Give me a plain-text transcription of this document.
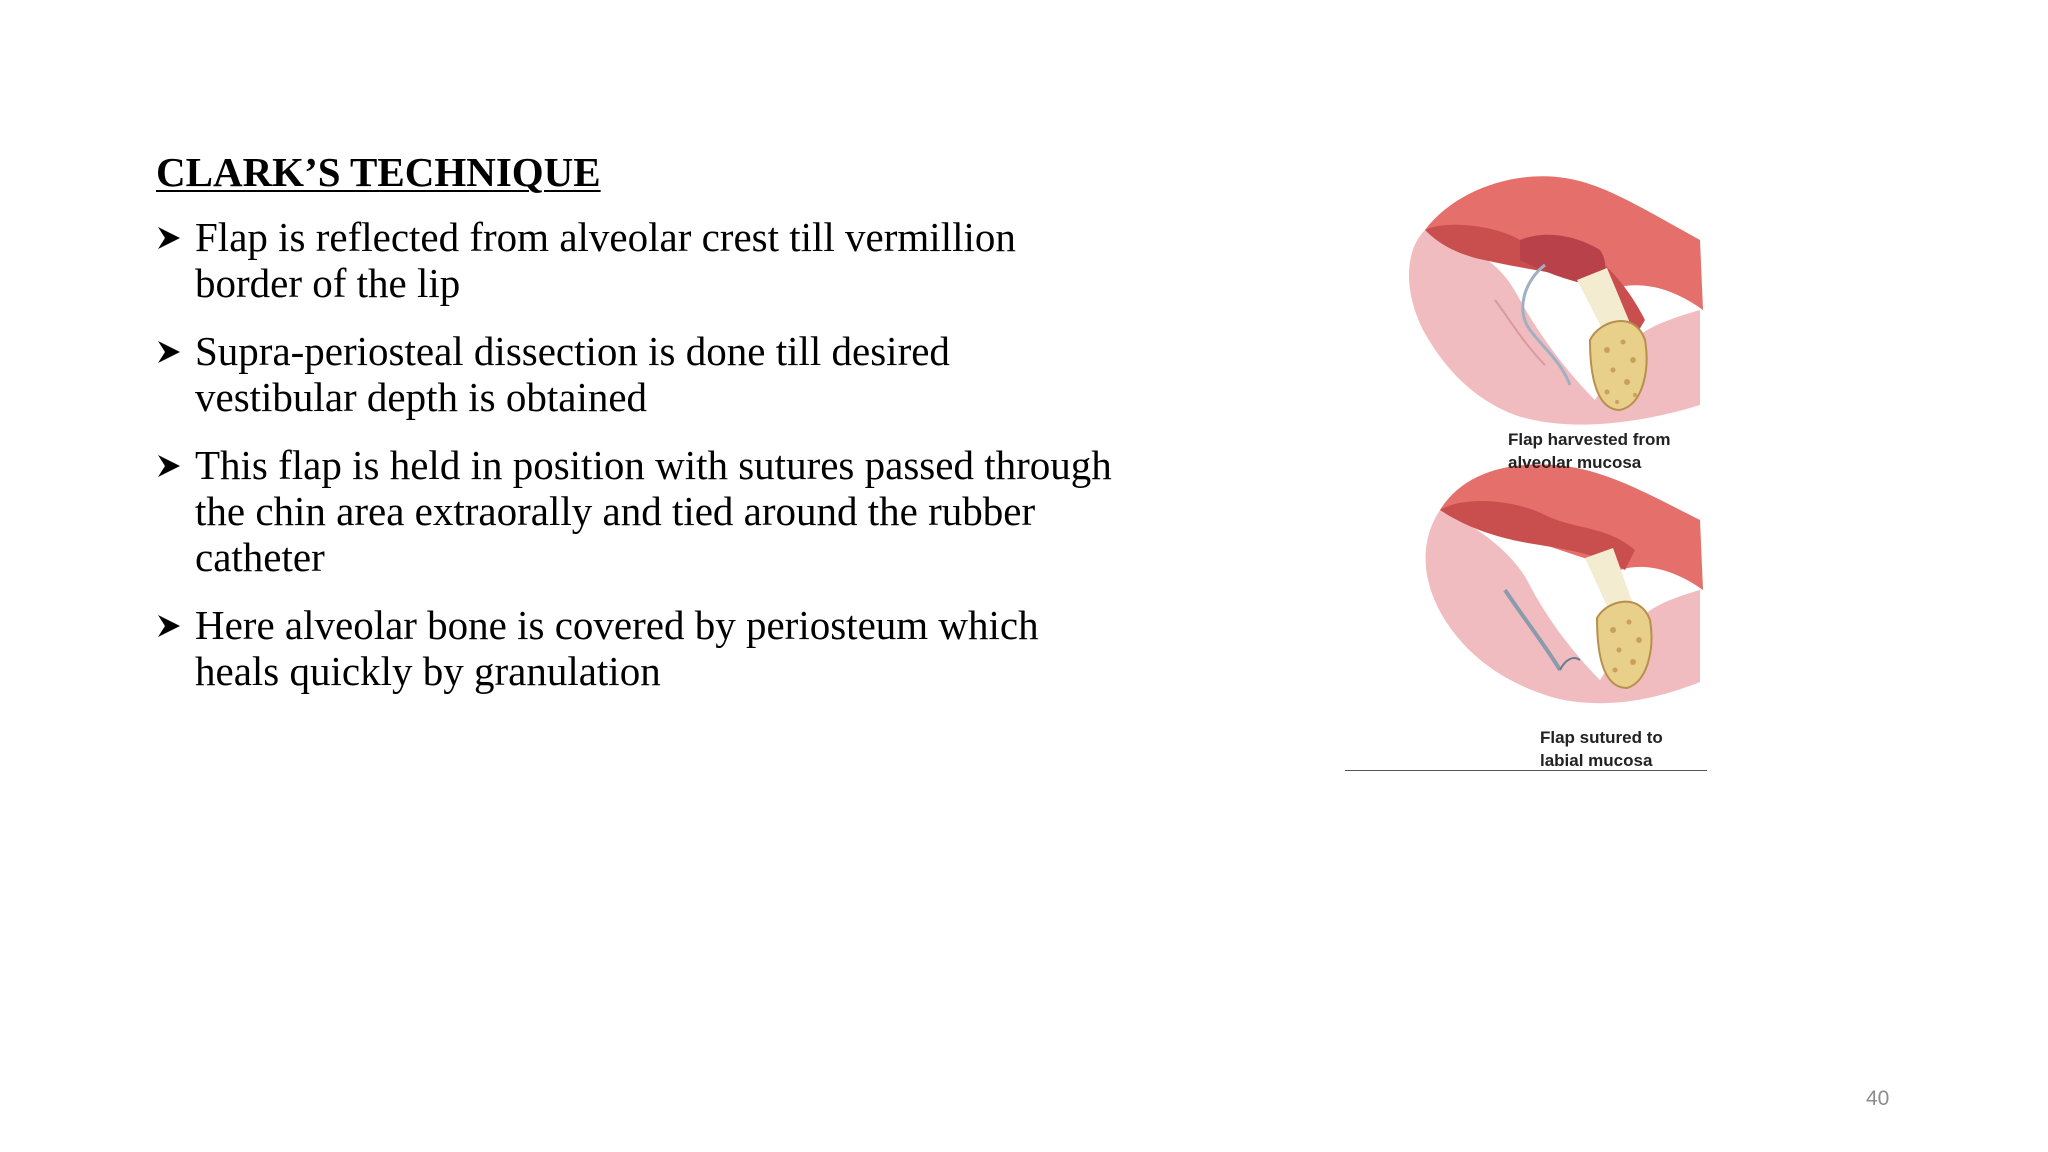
CLARK’S TECHNIQUE
Flap is reflected from alveolar crest till vermillion border of the lip
Supra-periosteal dissection is done till desired vestibular depth is obtained
This flap is held in position with sutures passed through the chin area extraorally and tied around the rubber catheter
Here alveolar bone is covered by periosteum which heals quickly by granulation
Flap harvested from
alveolar mucosa
Flap sutured to
labial mucosa
40
